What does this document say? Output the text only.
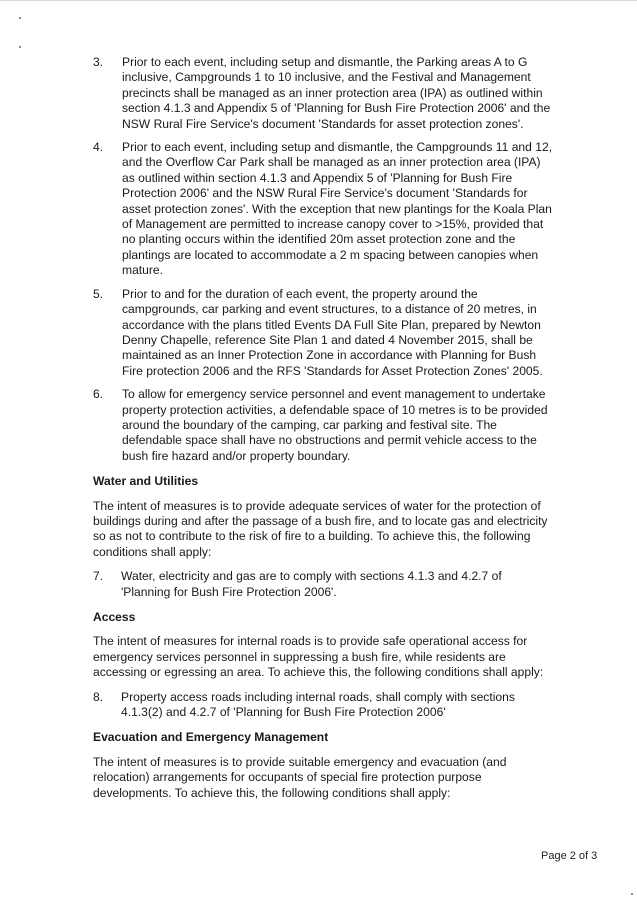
3. Prior to each event, including setup and dismantle, the Parking areas A to G inclusive, Campgrounds 1 to 10 inclusive, and the Festival and Management precincts shall be managed as an inner protection area (IPA) as outlined within section 4.1.3 and Appendix 5 of 'Planning for Bush Fire Protection 2006' and the NSW Rural Fire Service's document 'Standards for asset protection zones'.
4. Prior to each event, including setup and dismantle, the Campgrounds 11 and 12, and the Overflow Car Park shall be managed as an inner protection area (IPA) as outlined within section 4.1.3 and Appendix 5 of 'Planning for Bush Fire Protection 2006' and the NSW Rural Fire Service's document 'Standards for asset protection zones'. With the exception that new plantings for the Koala Plan of Management are permitted to increase canopy cover to >15%, provided that no planting occurs within the identified 20m asset protection zone and the plantings are located to accommodate a 2 m spacing between canopies when mature.
5. Prior to and for the duration of each event, the property around the campgrounds, car parking and event structures, to a distance of 20 metres, in accordance with the plans titled Events DA Full Site Plan, prepared by Newton Denny Chapelle, reference Site Plan 1 and dated 4 November 2015, shall be maintained as an Inner Protection Zone in accordance with Planning for Bush Fire protection 2006 and the RFS 'Standards for Asset Protection Zones' 2005.
6. To allow for emergency service personnel and event management to undertake property protection activities, a defendable space of 10 metres is to be provided around the boundary of the camping, car parking and festival site. The defendable space shall have no obstructions and permit vehicle access to the bush fire hazard and/or property boundary.
Water and Utilities
The intent of measures is to provide adequate services of water for the protection of buildings during and after the passage of a bush fire, and to locate gas and electricity so as not to contribute to the risk of fire to a building. To achieve this, the following conditions shall apply:
7. Water, electricity and gas are to comply with sections 4.1.3 and 4.2.7 of 'Planning for Bush Fire Protection 2006'.
Access
The intent of measures for internal roads is to provide safe operational access for emergency services personnel in suppressing a bush fire, while residents are accessing or egressing an area. To achieve this, the following conditions shall apply:
8. Property access roads including internal roads, shall comply with sections 4.1.3(2) and 4.2.7 of 'Planning for Bush Fire Protection 2006'
Evacuation and Emergency Management
The intent of measures is to provide suitable emergency and evacuation (and relocation) arrangements for occupants of special fire protection purpose developments. To achieve this, the following conditions shall apply:
Page 2 of 3
